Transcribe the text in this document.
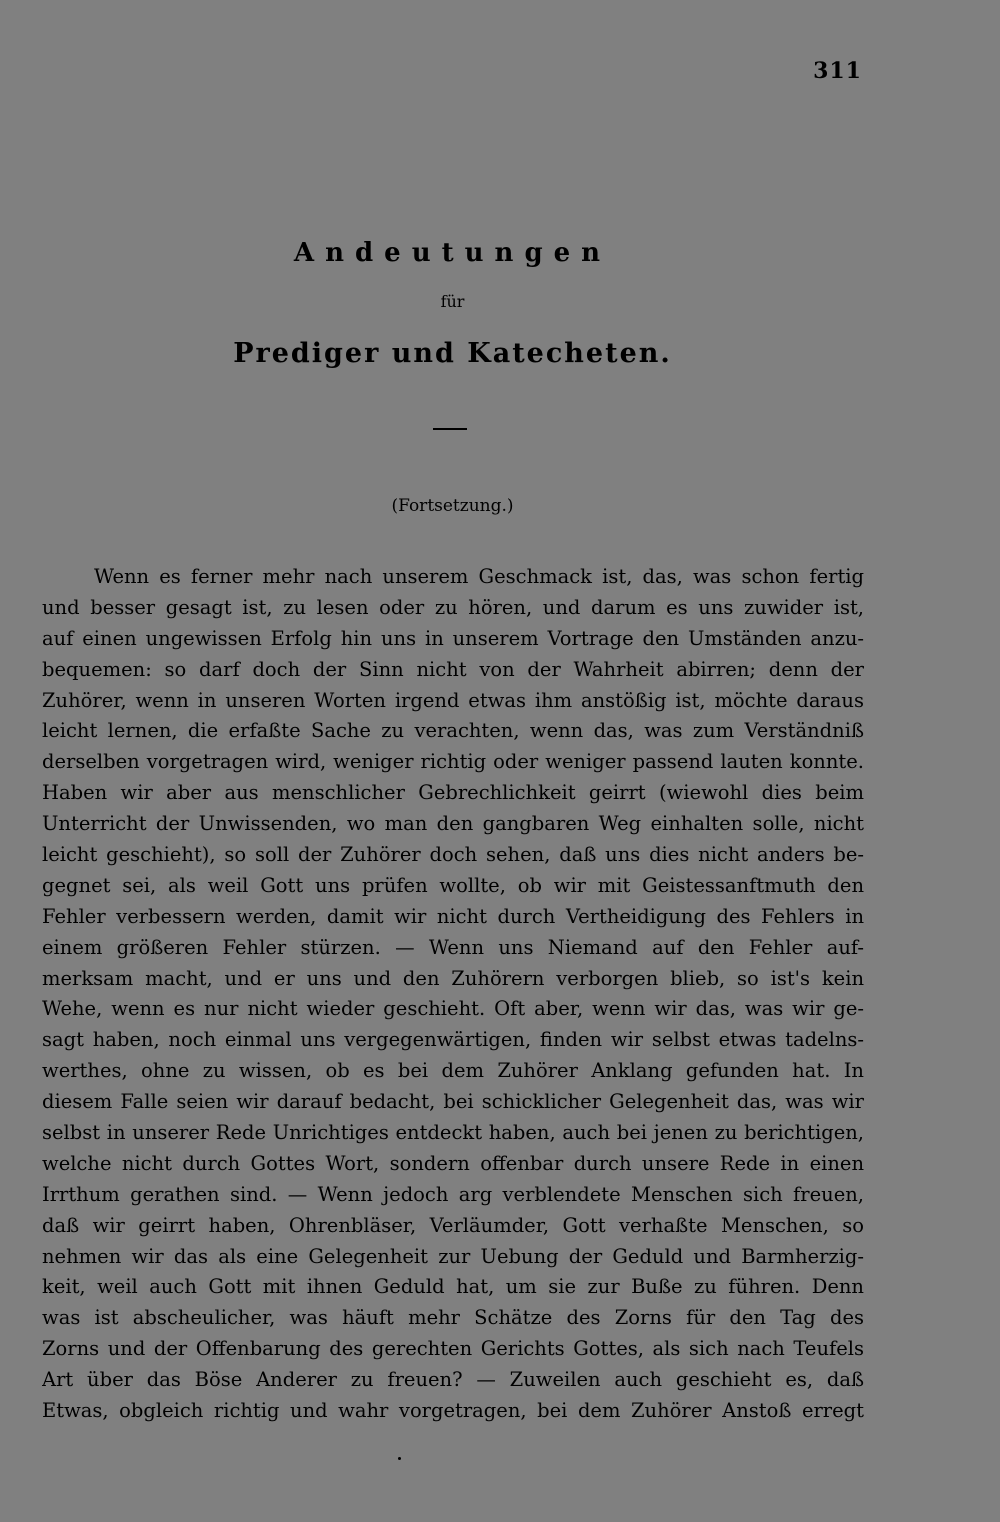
311
Andeutungen
für
Prediger und Katecheten.
(Fortsetzung.)
Wenn es ferner mehr nach unserem Geschmack ist, das, was schon fertig
und besser gesagt ist, zu lesen oder zu hören, und darum es uns zuwider ist,
auf einen ungewissen Erfolg hin uns in unserem Vortrage den Umständen anzu-
bequemen: so darf doch der Sinn nicht von der Wahrheit abirren; denn der
Zuhörer, wenn in unseren Worten irgend etwas ihm anstößig ist, möchte daraus
leicht lernen, die erfaßte Sache zu verachten, wenn das, was zum Verständniß
derselben vorgetragen wird, weniger richtig oder weniger passend lauten konnte.
Haben wir aber aus menschlicher Gebrechlichkeit geirrt (wiewohl dies beim
Unterricht der Unwissenden, wo man den gangbaren Weg einhalten solle, nicht
leicht geschieht), so soll der Zuhörer doch sehen, daß uns dies nicht anders be-
gegnet sei, als weil Gott uns prüfen wollte, ob wir mit Geistessanftmuth den
Fehler verbessern werden, damit wir nicht durch Vertheidigung des Fehlers in
einem größeren Fehler stürzen. — Wenn uns Niemand auf den Fehler auf-
merksam macht, und er uns und den Zuhörern verborgen blieb, so ist's kein
Wehe, wenn es nur nicht wieder geschieht. Oft aber, wenn wir das, was wir ge-
sagt haben, noch einmal uns vergegenwärtigen, finden wir selbst etwas tadelns-
werthes, ohne zu wissen, ob es bei dem Zuhörer Anklang gefunden hat. In
diesem Falle seien wir darauf bedacht, bei schicklicher Gelegenheit das, was wir
selbst in unserer Rede Unrichtiges entdeckt haben, auch bei jenen zu berichtigen,
welche nicht durch Gottes Wort, sondern offenbar durch unsere Rede in einen
Irrthum gerathen sind. — Wenn jedoch arg verblendete Menschen sich freuen,
daß wir geirrt haben, Ohrenbläser, Verläumder, Gott verhaßte Menschen, so
nehmen wir das als eine Gelegenheit zur Uebung der Geduld und Barmherzig-
keit, weil auch Gott mit ihnen Geduld hat, um sie zur Buße zu führen. Denn
was ist abscheulicher, was häuft mehr Schätze des Zorns für den Tag des
Zorns und der Offenbarung des gerechten Gerichts Gottes, als sich nach Teufels
Art über das Böse Anderer zu freuen? — Zuweilen auch geschieht es, daß
Etwas, obgleich richtig und wahr vorgetragen, bei dem Zuhörer Anstoß erregt
